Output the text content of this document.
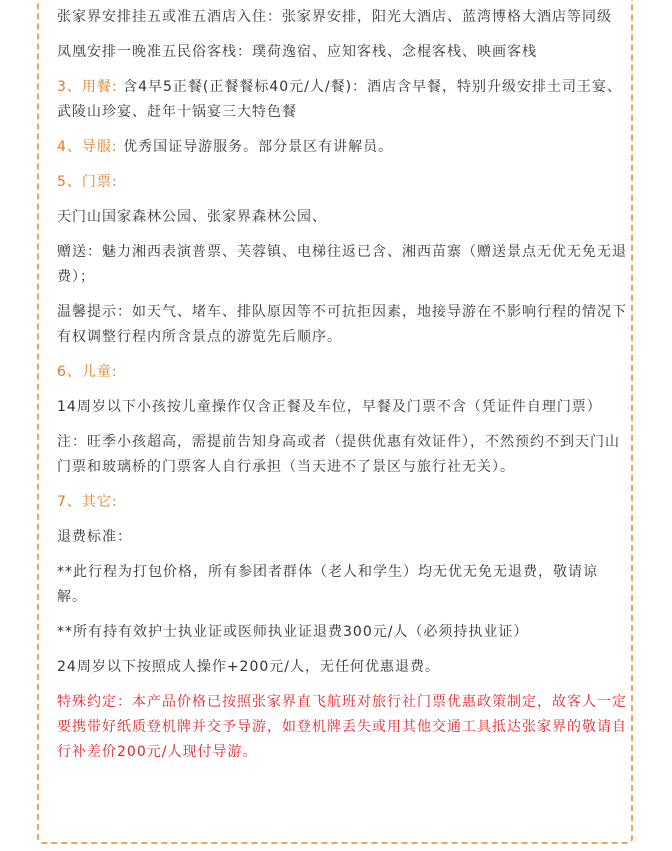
张家界安排挂五或准五酒店入住：张家界安排，阳光大酒店、蓝湾博格大酒店等同级

凤凰安排一晚准五民俗客栈：璞荷逸宿、应知客栈、念棍客栈、映画客栈

3、用餐: 含4早5正餐(正餐餐标40元/人/餐)：酒店含早餐，特别升级安排土司王宴、武陵山珍宴、赶年十锅宴三大特色餐

4、导服: 优秀国证导游服务。部分景区有讲解员。

5、门票:

天门山国家森林公园、张家界森林公园、

赠送：魅力湘西表演普票、芙蓉镇、电梯往返已含、湘西苗寨（赠送景点无优无免无退费）；

温馨提示：如天气、堵车、排队原因等不可抗拒因素，地接导游在不影响行程的情况下有权调整行程内所含景点的游览先后顺序。

6、儿童:

14周岁以下小孩按儿童操作仅含正餐及车位，早餐及门票不含（凭证件自理门票）

注：旺季小孩超高，需提前告知身高或者（提供优惠有效证件），不然预约不到天门山门票和玻璃桥的门票客人自行承担（当天进不了景区与旅行社无关）。

7、其它:

退费标准：

**此行程为打包价格，所有参团者群体（老人和学生）均无优无免无退费，敬请谅解。

**所有持有效护士执业证或医师执业证退费300元/人（必须持执业证）

24周岁以下按照成人操作+200元/人，无任何优惠退费。

特殊约定：本产品价格已按照张家界直飞航班对旅行社门票优惠政策制定，故客人一定要携带好纸质登机牌并交予导游，如登机牌丢失或用其他交通工具抵达张家界的敬请自行补差价200元/人现付导游。
